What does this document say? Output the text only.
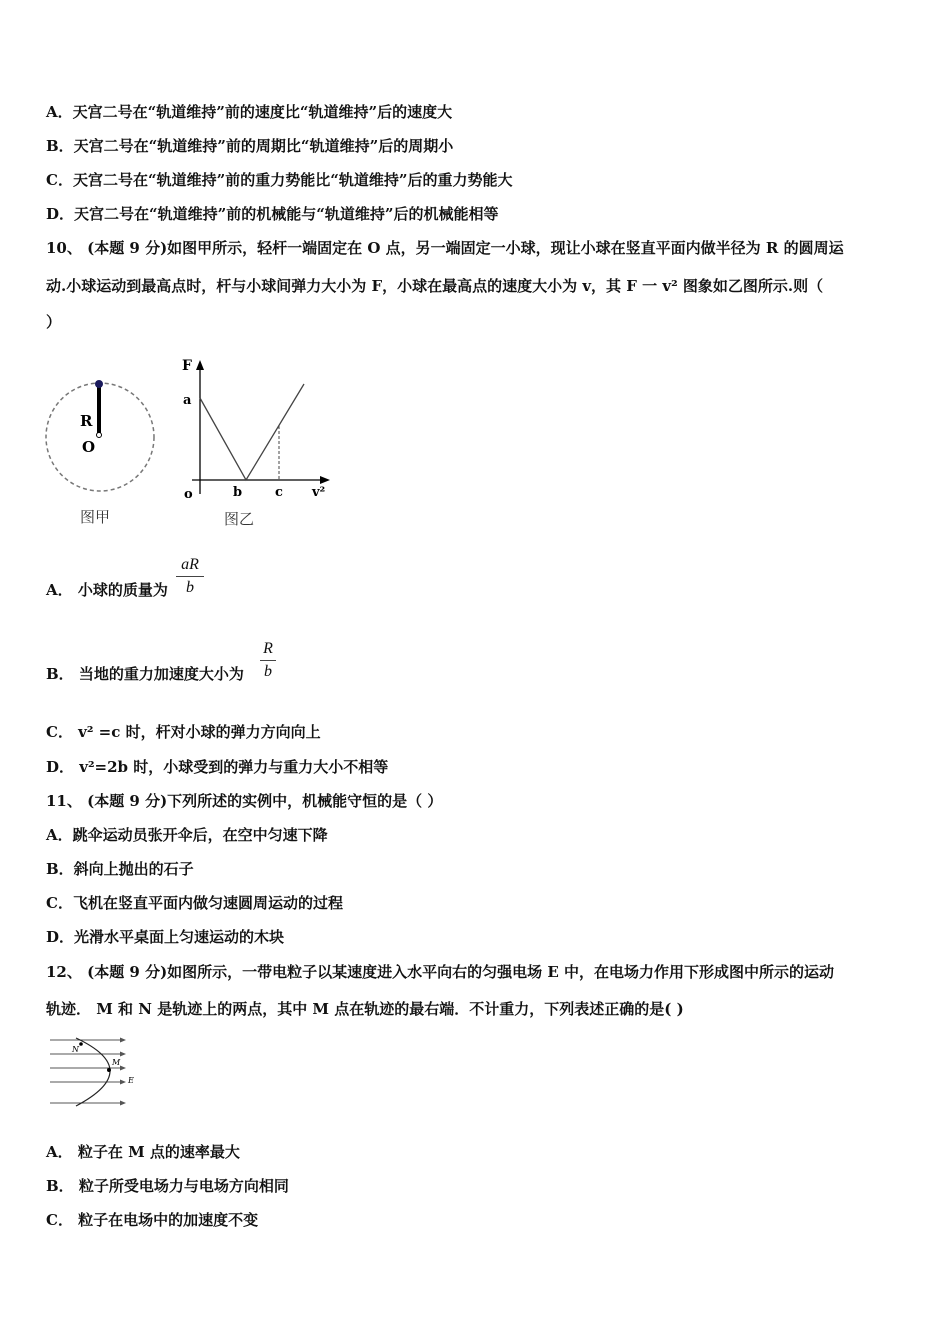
A．天宫二号在“轨道维持”前的速度比“轨道维持”后的速度大
B．天宫二号在“轨道维持”前的周期比“轨道维持”后的周期小
C．天宫二号在“轨道维持”前的重力势能比“轨道维持”后的重力势能大
D．天宫二号在“轨道维持”前的机械能与“轨道维持”后的机械能相等
10、 (本题 9 分)如图甲所示，轻杆一端固定在 O 点，另一端固定一小球，现让小球在竖直平面内做半径为 R 的圆周运
动.小球运动到最高点时，杆与小球间弹力大小为 F，小球在最高点的速度大小为 v，其 F 一 v² 图象如乙图所示.则（
）
R
O
图甲
F
a
o	b	c v²
图乙
A． 小球的质量为
aR
b
B． 当地的重力加速度大小为
R
b
C． v² =c 时，杆对小球的弹力方向向上
D． v²=2b 时，小球受到的弹力与重力大小不相等
11、 (本题 9 分)下列所述的实例中，机械能守恒的是（ ）
A．跳伞运动员张开伞后，在空中匀速下降
B．斜向上抛出的石子
C．飞机在竖直平面内做匀速圆周运动的过程
D．光滑水平桌面上匀速运动的木块
12、 (本题 9 分)如图所示，一带电粒子以某速度进入水平向右的匀强电场 E 中，在电场力作用下形成图中所示的运动
轨迹． M 和 N 是轨迹上的两点，其中 M 点在轨迹的最右端．不计重力，下列表述正确的是( )
N
M
E
A． 粒子在 M 点的速率最大
B． 粒子所受电场力与电场方向相同
C． 粒子在电场中的加速度不变
